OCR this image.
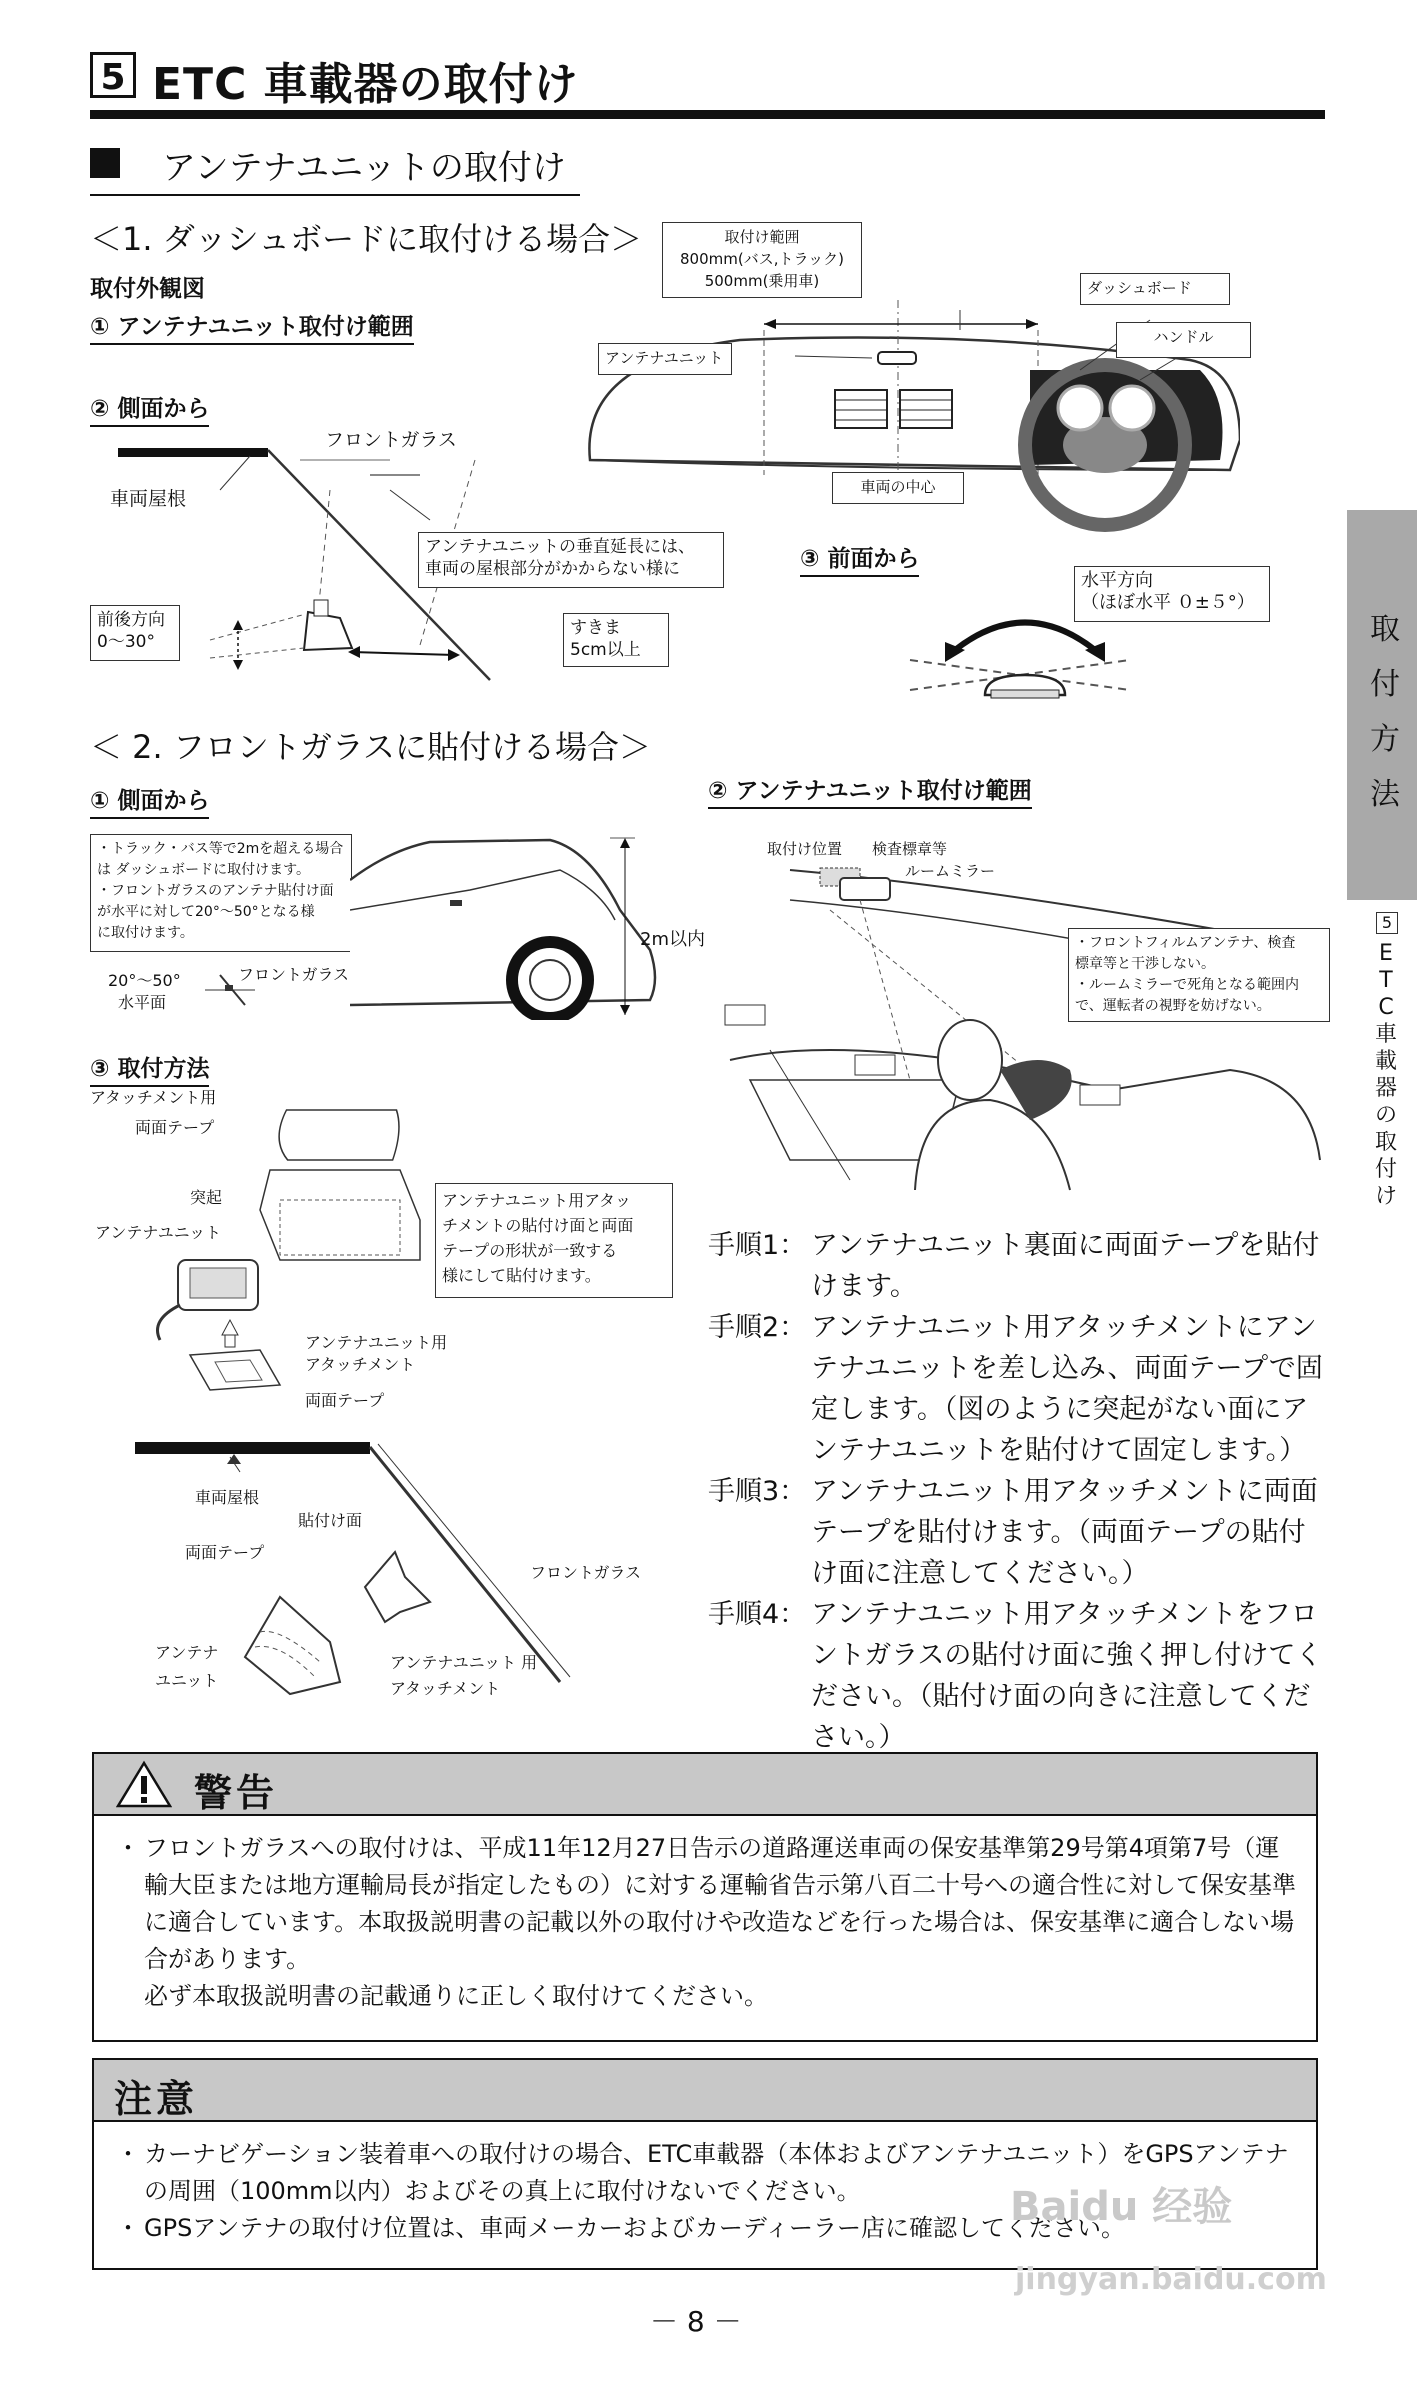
5 ETC 車載器の取付け
アンテナユニットの取付け
＜1. ダッシュボードに取付ける場合＞
取付外観図
① アンテナユニット取付け範囲
② 側面から
フロントガラス
車両屋根
アンテナユニットの垂直延長には、
車両の屋根部分がかからない様に
前後方向
0～30°
すきま
5cm以上
取付け範囲
800mm(バス,トラック)
500mm(乗用車)	ダッシュボード
ハンドル
アンテナユニット
車両の中心
③ 前面から
水平方向
（ほぼ水平 ０±５°）
＜ 2. フロントガラスに貼付ける場合＞
① 側面から	② アンテナユニット取付け範囲
・トラック・バス等で2mを超える場合
は ダッシュボードに取付けます。
・フロントガラスのアンテナ貼付け面
が水平に対して20°～50°となる様
に取付けます。
20°～50°
水平面
フロントガラス
2m以内
取付け位置 検査標章等
ルームミラー
・フロントフィルムアンテナ、検査
標章等と干渉しない。
・ルームミラーで死角となる範囲内
で、運転者の視野を妨げない。
③ 取付方法
アタッチメント用
両面テープ
突起
アンテナユニット
アンテナユニット用
アタッチメント
両面テープ
アンテナユニット用アタッ
チメントの貼付け面と両面
テープの形状が一致する
様にして貼付けます。
車両屋根
貼付け面
両面テープ
フロントガラス
アンテナ
ユニット
アンテナユニット 用
アタッチメント
手順1： アンテナユニット裏面に両面テープを貼付けます。
手順2： アンテナユニット用アタッチメントにアンテナユニットを差し込み、両面テープで固定します。（図のように突起がない面にアンテナユニットを貼付けて固定します。）
手順3： アンテナユニット用アタッチメントに両面テープを貼付けます。（両面テープの貼付け面に注意してください。）
手順4： アンテナユニット用アタッチメントをフロントガラスの貼付け面に強く押し付けてください。（貼付け面の向きに注意してください。）
警告
・ フロントガラスへの取付けは、平成11年12月27日告示の道路運送車両の保安基準第29号第4項第7号（運輸大臣または地方運輸局長が指定したもの）に対する運輸省告示第八百二十号への適合性に対して保安基準に適合しています。本取扱説明書の記載以外の取付けや改造などを行った場合は、保安基準に適合しない場合があります。
必ず本取扱説明書の記載通りに正しく取付けてください。
注意
・ カーナビゲーション装着車への取付けの場合、ETC車載器（本体およびアンテナユニット）をGPSアンテナの周囲（100mm以内）およびその真上に取付けないでください。
・ GPSアンテナの取付け位置は、車両メーカーおよびカーディーラー店に確認してください。
取
付
方
法
5
E
T
C
車
載
器
の
取
付
け
－ 8 －
Baidu 经验
jingyan.baidu.com
